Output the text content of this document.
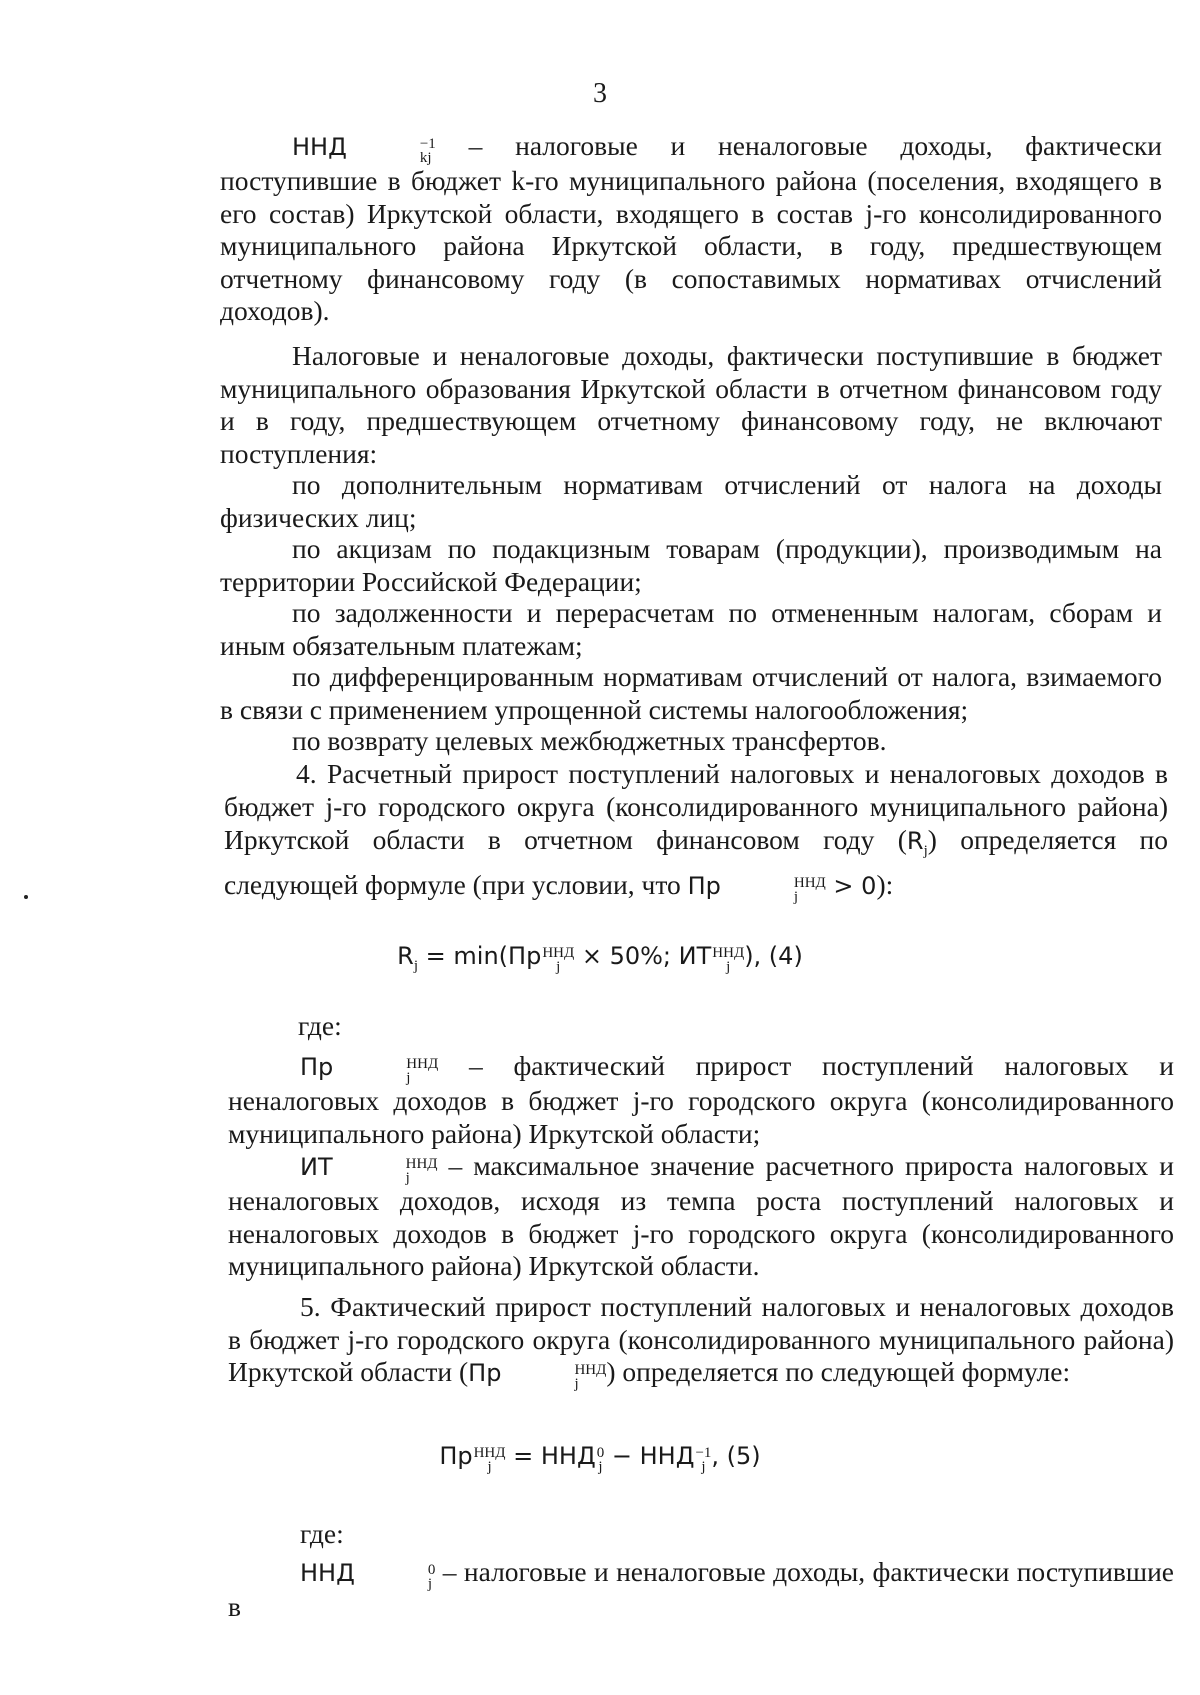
3
ННД	−1
kj – налоговые и неналоговые доходы, фактически поступившие в бюджет k-го муниципального района (поселения, входящего в его состав) Иркутской области, входящего в состав j-го консолидированного муниципального района Иркутской области, в году, предшествующем отчетному финансовому году (в сопоставимых нормативах отчислений доходов).
Налоговые и неналоговые доходы, фактически поступившие в бюджет муниципального образования Иркутской области в отчетном финансовом году и в году, предшествующем отчетному финансовому году, не включают поступления:
по дополнительным нормативам отчислений от налога на доходы физических лиц;
по акцизам по подакцизным товарам (продукции), производимым на территории Российской Федерации;
по задолженности и перерасчетам по отмененным налогам, сборам и иным обязательным платежам;
по дифференцированным нормативам отчислений от налога, взимаемого в связи с применением упрощенной системы налогообложения;
по возврату целевых межбюджетных трансфертов.
4. Расчетный прирост поступлений налоговых и неналоговых доходов в бюджет j-го городского округа (консолидированного муниципального района) Иркутской области в отчетном финансовом году $(R_j)$ определяется по следующей формуле (при условии, что Пр	ННД
j	> 0):
$R_j = \min(Пр$ ННД
j × 50%; ИТ ННД
j ), (4)
где:
Пр	ННД
j	– фактический прирост поступлений налоговых и неналоговых доходов в бюджет j-го городского округа (консолидированного муниципального района) Иркутской области;
ИТ	ННД
j	– максимальное значение расчетного прироста налоговых и неналоговых доходов, исходя из темпа роста поступлений налоговых и неналоговых доходов в бюджет j-го городского округа (консолидированного муниципального района) Иркутской области.
5. Фактический прирост поступлений налоговых и неналоговых доходов в бюджет j-го городского округа (консолидированного муниципального района) Иркутской области (Пр	ННД
j	) определяется по следующей формуле:
Пр ННД
j = ННД 0
j − ННД −1
j , (5)
где:
ННД	0
j – налоговые и неналоговые доходы, фактически поступившие в
